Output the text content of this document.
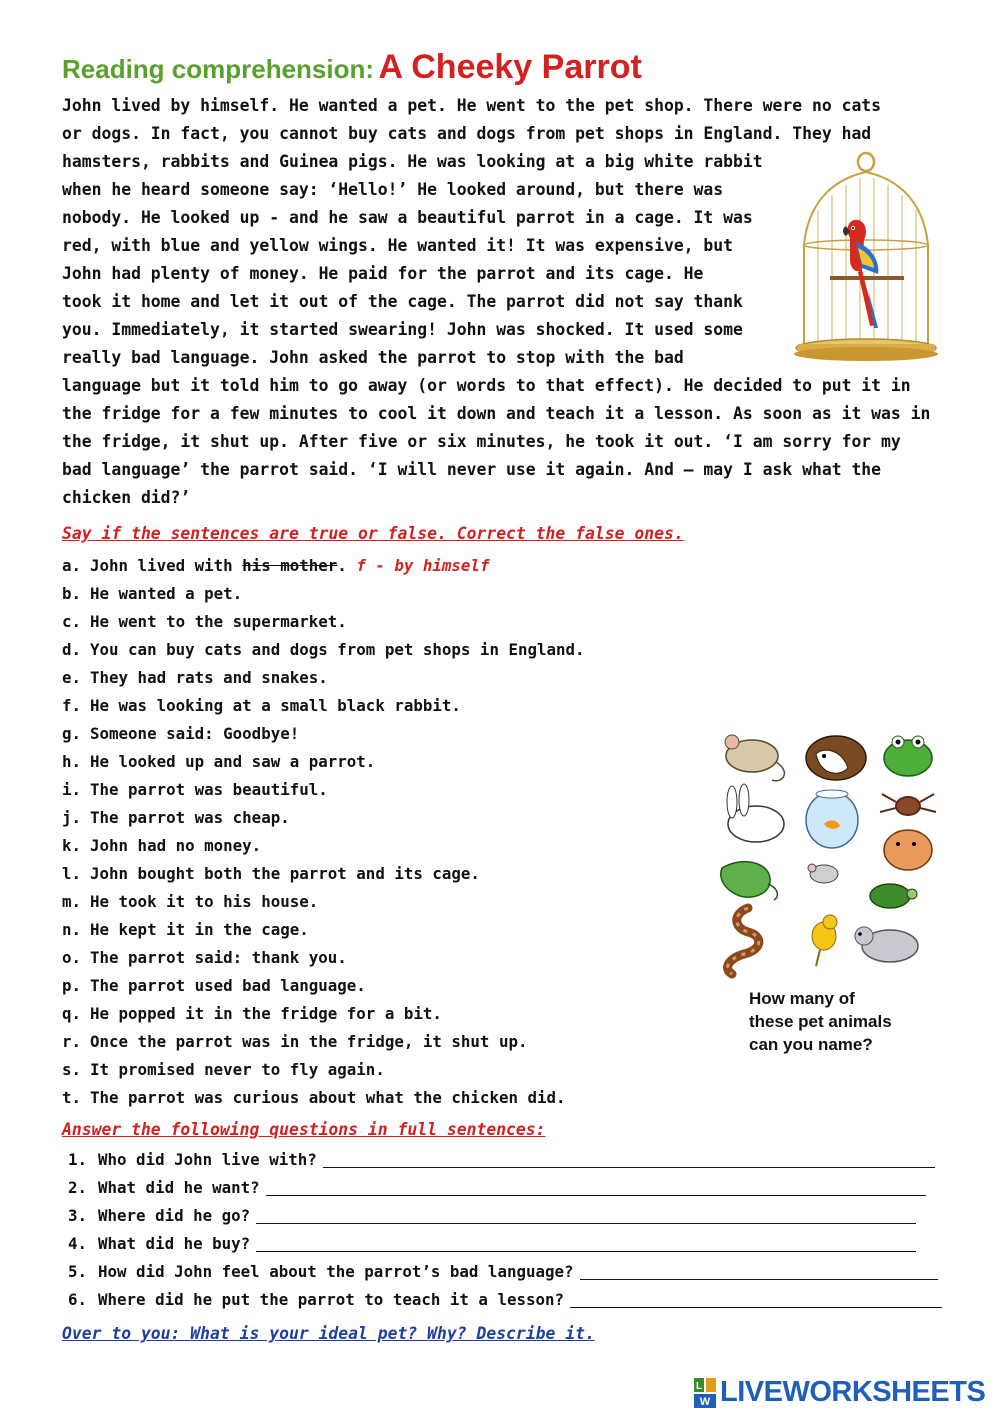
Reading comprehension: A Cheeky Parrot
John lived by himself. He wanted a pet. He went to the pet shop. There were no cats
or dogs. In fact, you cannot buy cats and dogs from pet shops in England. They had
hamsters, rabbits and Guinea pigs. He was looking at a big white rabbit
when he heard someone say: ‘Hello!’ He looked around, but there was
nobody. He looked up - and he saw a beautiful parrot in a cage. It was
red, with blue and yellow wings. He wanted it! It was expensive, but
John had plenty of money. He paid for the parrot and its cage. He
took it home and let it out of the cage. The parrot did not say thank
you. Immediately, it started swearing! John was shocked. It used some
really bad language. John asked the parrot to stop with the bad
language but it told him to go away (or words to that effect). He decided to put it in
the fridge for a few minutes to cool it down and teach it a lesson. As soon as it was in
the fridge, it shut up. After five or six minutes, he took it out. ‘I am sorry for my
bad language’ the parrot said. ‘I will never use it again. And – may I ask what the
chicken did?’
Say if the sentences are true or false. Correct the false ones.
a. John lived with his mother. f - by himself
b. He wanted a pet.
c. He went to the supermarket.
d. You can buy cats and dogs from pet shops in England.
e. They had rats and snakes.
f. He was looking at a small black rabbit.
g. Someone said: Goodbye!
h. He looked up and saw a parrot.
i. The parrot was beautiful.
j. The parrot was cheap.
k. John had no money.
l. John bought both the parrot and its cage.
m. He took it to his house.
n. He kept it in the cage.
o. The parrot said: thank you.
p. The parrot used bad language.
q. He popped it in the fridge for a bit.
r. Once the parrot was in the fridge, it shut up.
s. It promised never to fly again.
t. The parrot was curious about what the chicken did.
How many of
these pet animals
can you name?
Answer the following questions in full sentences:
1. Who did John live with?
2. What did he want?
3. Where did he go?
4. What did he buy?
5. How did John feel about the parrot’s bad language?
6. Where did he put the parrot to teach it a lesson?
Over to you: What is your ideal pet? Why? Describe it.
L
W LIVEWORKSHEETS
